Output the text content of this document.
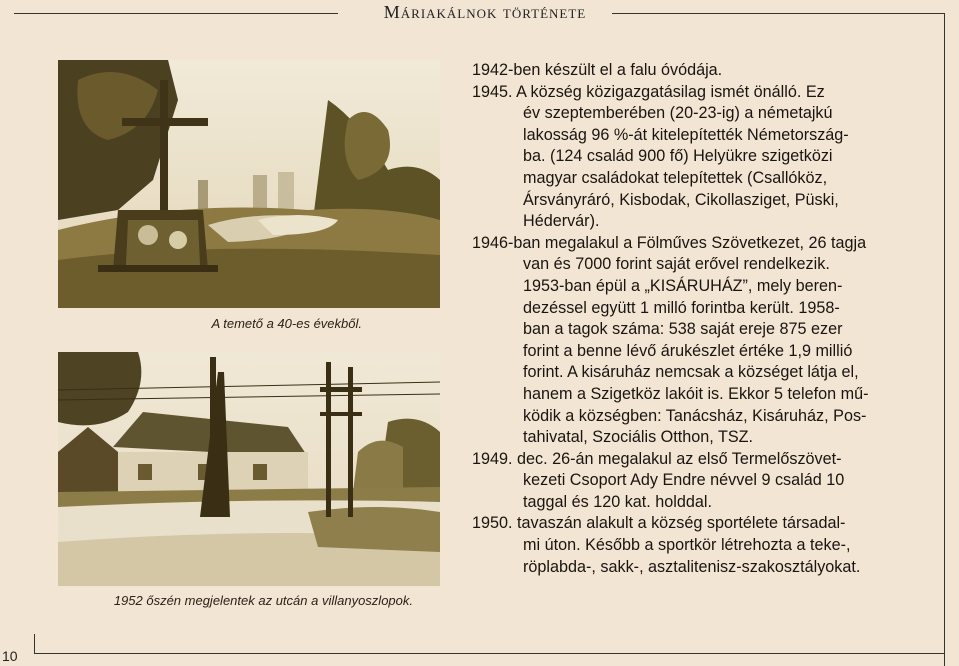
Máriakálnok története
10
A temető a 40-es évekből.
1952 őszén megjelentek az utcán a villanyoszlopok.
1942-ben készült el a falu óvódája.
1945. A község közigazgatásilag ismét önálló. Ez
év szeptemberében (20-23-ig) a németajkú
lakosság 96 %-át kitelepítették Németország-
ba. (124 család 900 fő) Helyükre szigetközi
magyar családokat telepítettek (Csallóköz,
Ársványráró, Kisbodak, Cikollasziget, Püski,
Hédervár).
1946-ban megalakul a Fölműves Szövetkezet, 26 tagja
van és 7000 forint saját erővel rendelkezik.
1953-ban épül a „KISÁRUHÁZ”, mely beren-
dezéssel együtt 1 milló forintba került. 1958-
ban a tagok száma: 538 saját ereje 875 ezer
forint a benne lévő árukészlet értéke 1,9 millió
forint. A kisáruház nemcsak a községet látja el,
hanem a Szigetköz lakóit is. Ekkor 5 telefon mű-
ködik a községben: Tanácsház, Kisáruház, Pos-
tahivatal, Szociális Otthon, TSZ.
1949. dec. 26-án megalakul az első Termelőszövet-
kezeti Csoport Ady Endre névvel 9 család 10
taggal és 120 kat. holddal.
1950. tavaszán alakult a község sportélete társadal-
mi úton. Később a sportkör létrehozta a teke-,
röplabda-, sakk-, asztalitenisz-szakosztályokat.
